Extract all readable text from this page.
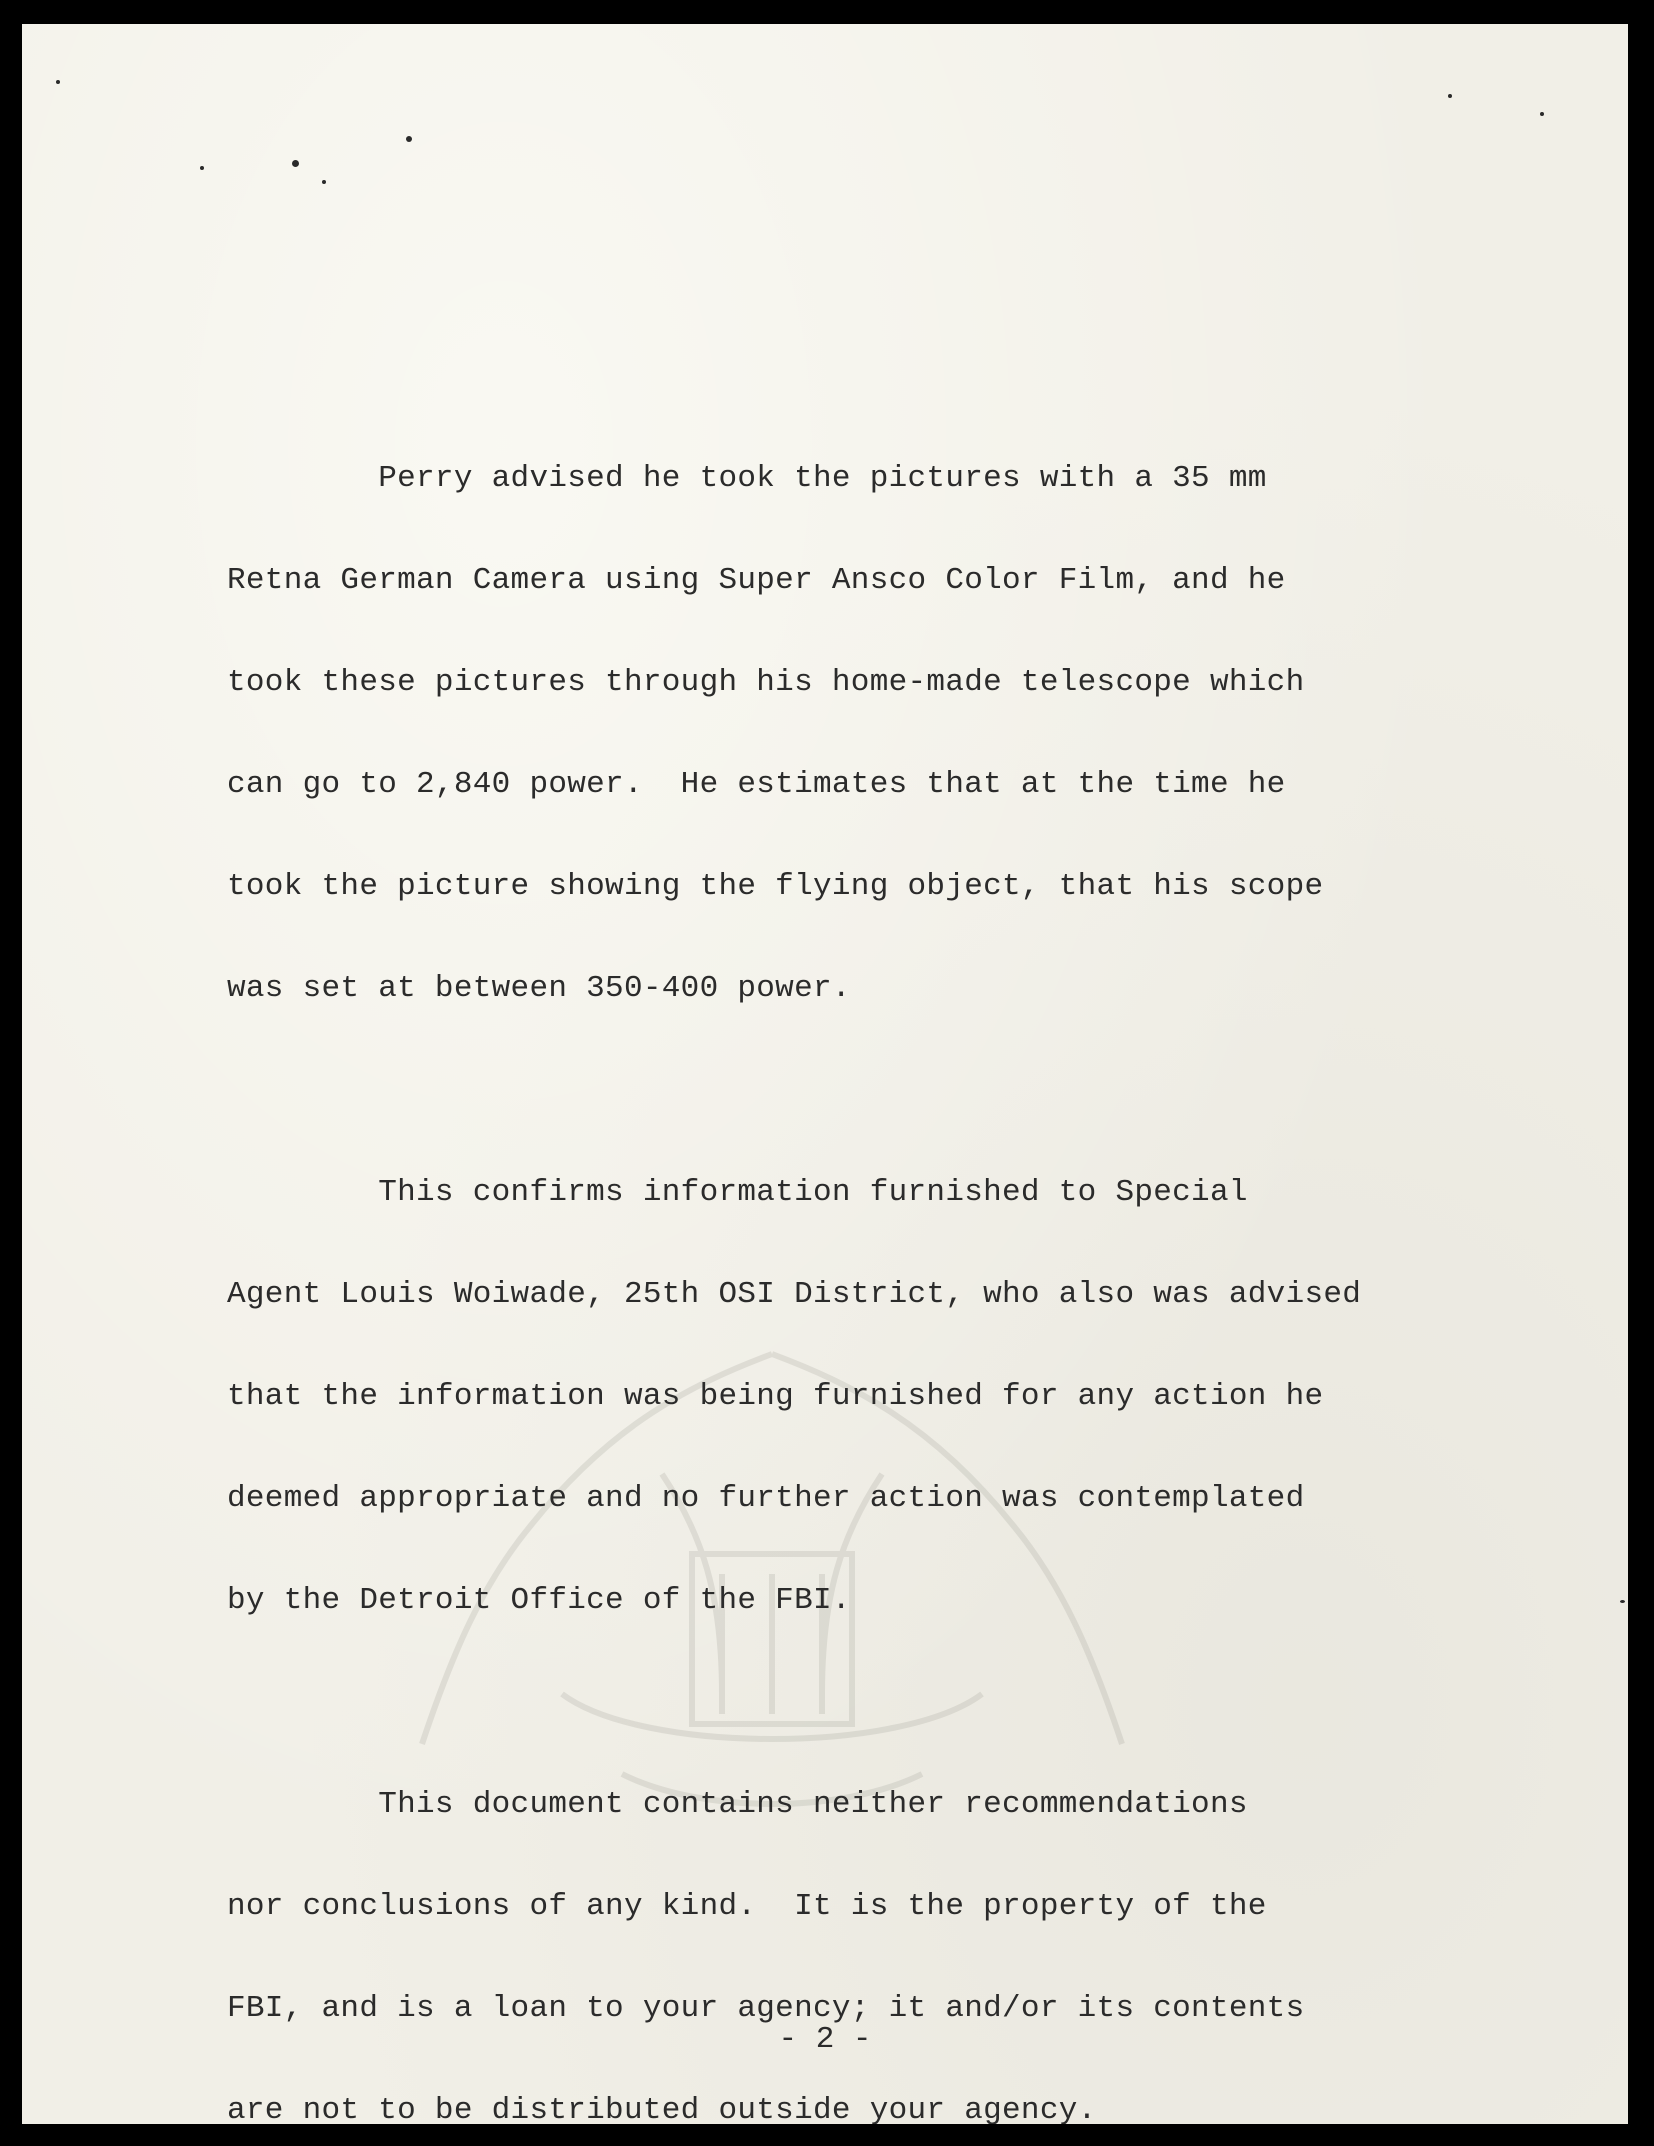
Perry advised he took the pictures with a 35 mm

Retna German Camera using Super Ansco Color Film, and he

took these pictures through his home-made telescope which

can go to 2,840 power.  He estimates that at the time he

took the picture showing the flying object, that his scope

was set at between 350-400 power.

This confirms information furnished to Special

Agent Louis Woiwade, 25th OSI District, who also was advised

that the information was being furnished for any action he

deemed appropriate and no further action was contemplated

by the Detroit Office of the FBI.

This document contains neither recommendations

nor conclusions of any kind.  It is the property of the

FBI, and is a loan to your agency; it and/or its contents

are not to be distributed outside your agency.

- 2 -
